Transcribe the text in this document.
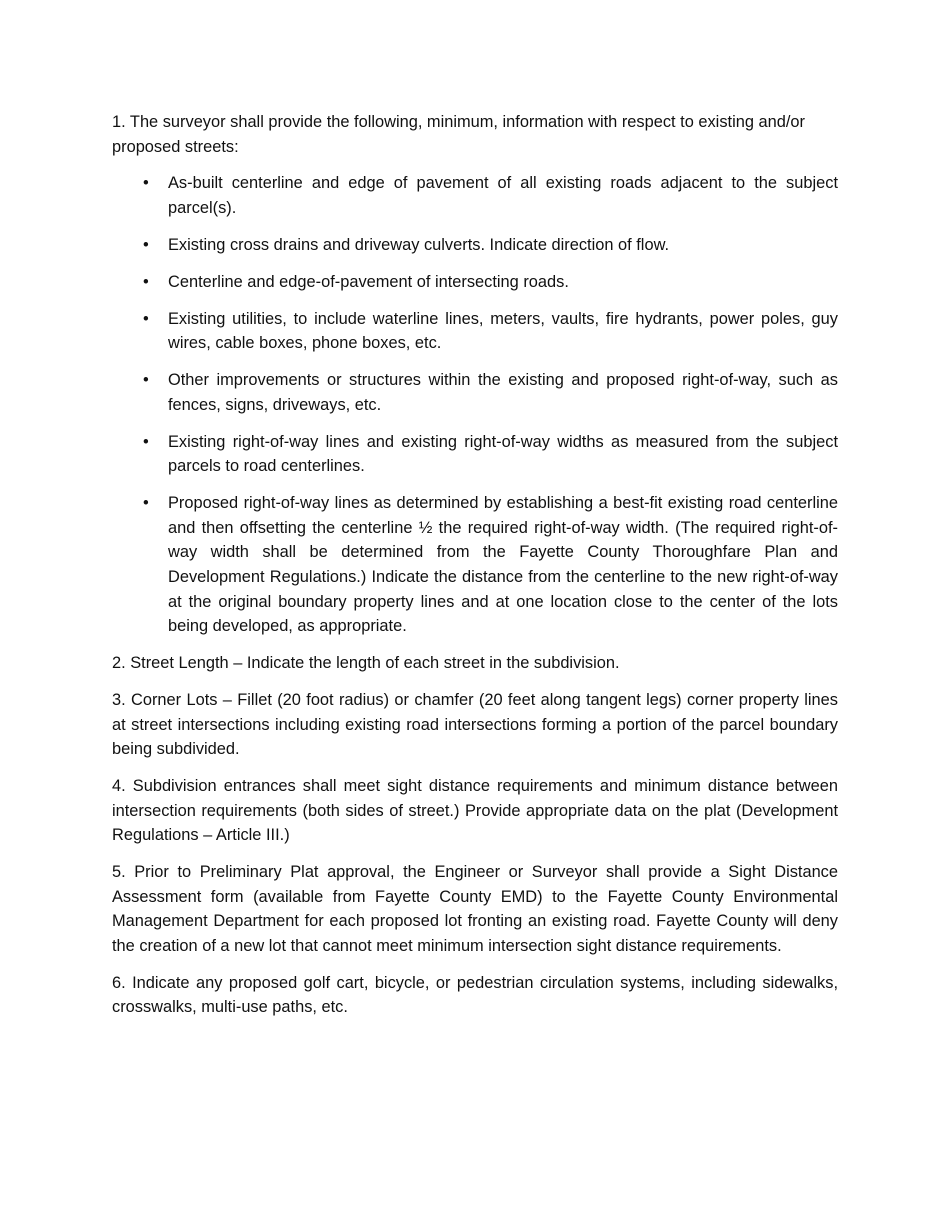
1. The surveyor shall provide the following, minimum, information with respect to existing and/or proposed streets:

• As-built centerline and edge of pavement of all existing roads adjacent to the subject parcel(s).
• Existing cross drains and driveway culverts. Indicate direction of flow.
• Centerline and edge-of-pavement of intersecting roads.
• Existing utilities, to include waterline lines, meters, vaults, fire hydrants, power poles, guy wires, cable boxes, phone boxes, etc.
• Other improvements or structures within the existing and proposed right-of-way, such as fences, signs, driveways, etc.
• Existing right-of-way lines and existing right-of-way widths as measured from the subject parcels to road centerlines.
• Proposed right-of-way lines as determined by establishing a best-fit existing road centerline and then offsetting the centerline ½ the required right-of-way width. (The required right-of-way width shall be determined from the Fayette County Thoroughfare Plan and Development Regulations.) Indicate the distance from the centerline to the new right-of-way at the original boundary property lines and at one location close to the center of the lots being developed, as appropriate.

2. Street Length – Indicate the length of each street in the subdivision.

3. Corner Lots – Fillet (20 foot radius) or chamfer (20 feet along tangent legs) corner property lines at street intersections including existing road intersections forming a portion of the parcel boundary being subdivided.

4. Subdivision entrances shall meet sight distance requirements and minimum distance between intersection requirements (both sides of street.) Provide appropriate data on the plat (Development Regulations – Article III.)

5. Prior to Preliminary Plat approval, the Engineer or Surveyor shall provide a Sight Distance Assessment form (available from Fayette County EMD) to the Fayette County Environmental Management Department for each proposed lot fronting an existing road. Fayette County will deny the creation of a new lot that cannot meet minimum intersection sight distance requirements.

6. Indicate any proposed golf cart, bicycle, or pedestrian circulation systems, including sidewalks, crosswalks, multi-use paths, etc.
